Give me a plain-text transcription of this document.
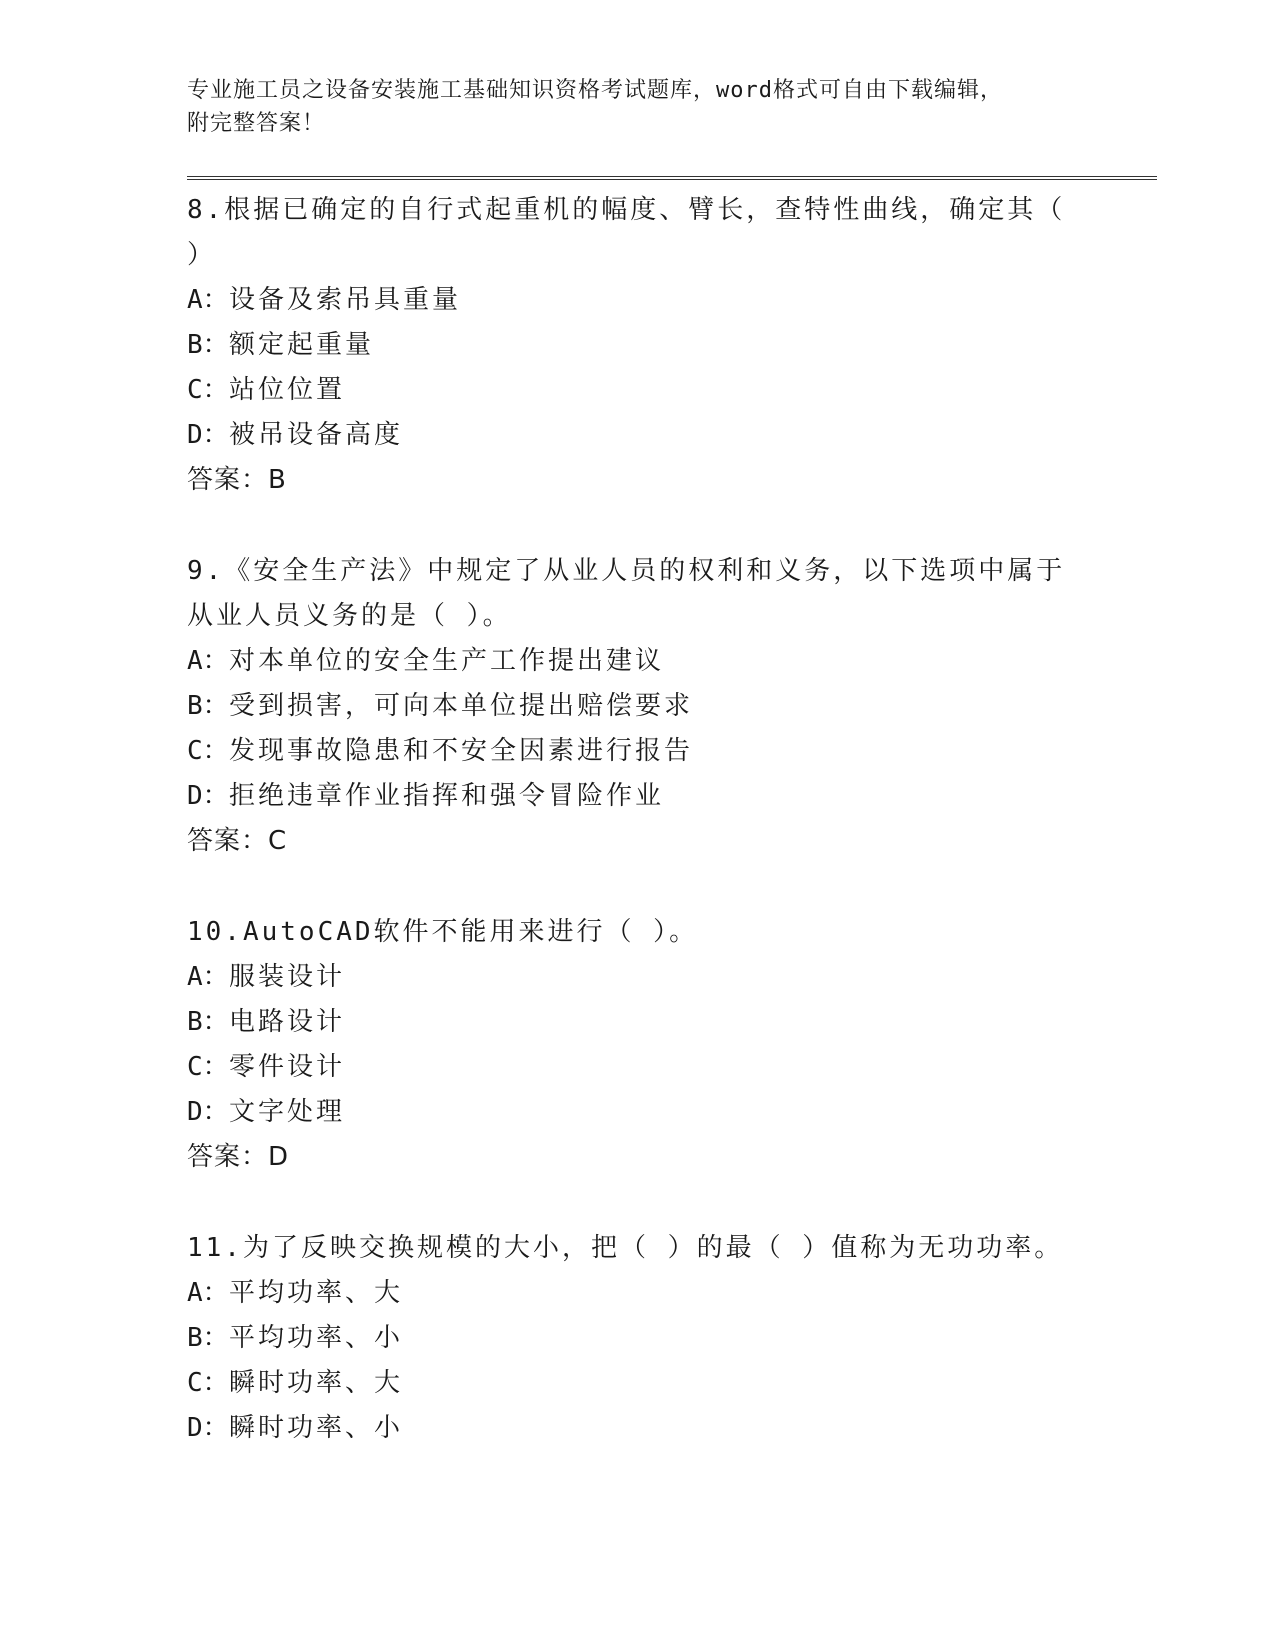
专业施工员之设备安装施工基础知识资格考试题库，word格式可自由下载编辑，
附完整答案！
8.根据已确定的自行式起重机的幅度、臂长，查特性曲线，确定其（
）
A：设备及索吊具重量
B：额定起重量
C：站位位置
D：被吊设备高度
答案：B
9.《安全生产法》中规定了从业人员的权利和义务，以下选项中属于
从业人员义务的是（ ）。
A：对本单位的安全生产工作提出建议
B：受到损害，可向本单位提出赔偿要求
C：发现事故隐患和不安全因素进行报告
D：拒绝违章作业指挥和强令冒险作业
答案：C
10.AutoCAD软件不能用来进行（ ）。
A：服装设计
B：电路设计
C：零件设计
D：文字处理
答案：D
11.为了反映交换规模的大小，把（ ）的最（ ）值称为无功功率。
A：平均功率、大
B：平均功率、小
C：瞬时功率、大
D：瞬时功率、小
